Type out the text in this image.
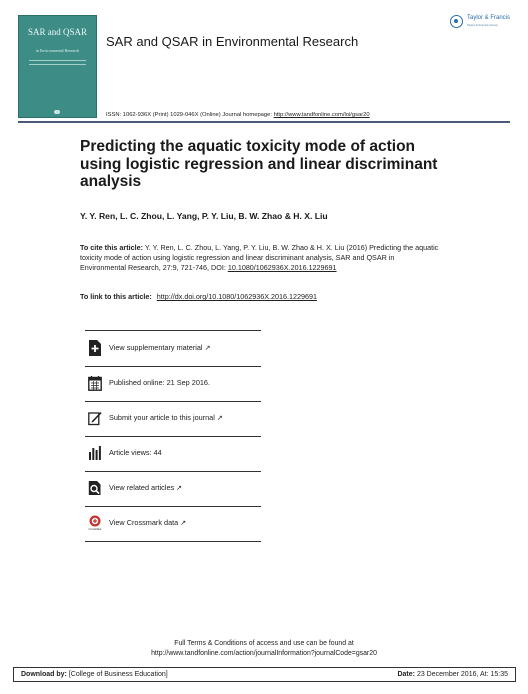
SAR and QSAR
in Environmental Research
SAR and QSAR in Environmental Research
Taylor & Francis
Taylor & Francis Group
ISSN: 1062-936X (Print) 1029-046X (Online) Journal homepage: http://www.tandfonline.com/loi/gsar20
Predicting the aquatic toxicity mode of action using logistic regression and linear discriminant analysis
Y. Y. Ren, L. C. Zhou, L. Yang, P. Y. Liu, B. W. Zhao & H. X. Liu
To cite this article: Y. Y. Ren, L. C. Zhou, L. Yang, P. Y. Liu, B. W. Zhao & H. X. Liu (2016) Predicting the aquatic toxicity mode of action using logistic regression and linear discriminant analysis, SAR and QSAR in Environmental Research, 27:9, 721-746, DOI: 10.1080/1062936X.2016.1229691
To link to this article: http://dx.doi.org/10.1080/1062936X.2016.1229691
View supplementary material ↗
Published online: 21 Sep 2016.
Submit your article to this journal ↗
Article views: 44
View related articles ↗
CrossMark
View Crossmark data ↗
Full Terms & Conditions of access and use can be found at
http://www.tandfonline.com/action/journalInformation?journalCode=gsar20
Download by: [College of Business Education]	Date: 23 December 2016, At: 15:35
